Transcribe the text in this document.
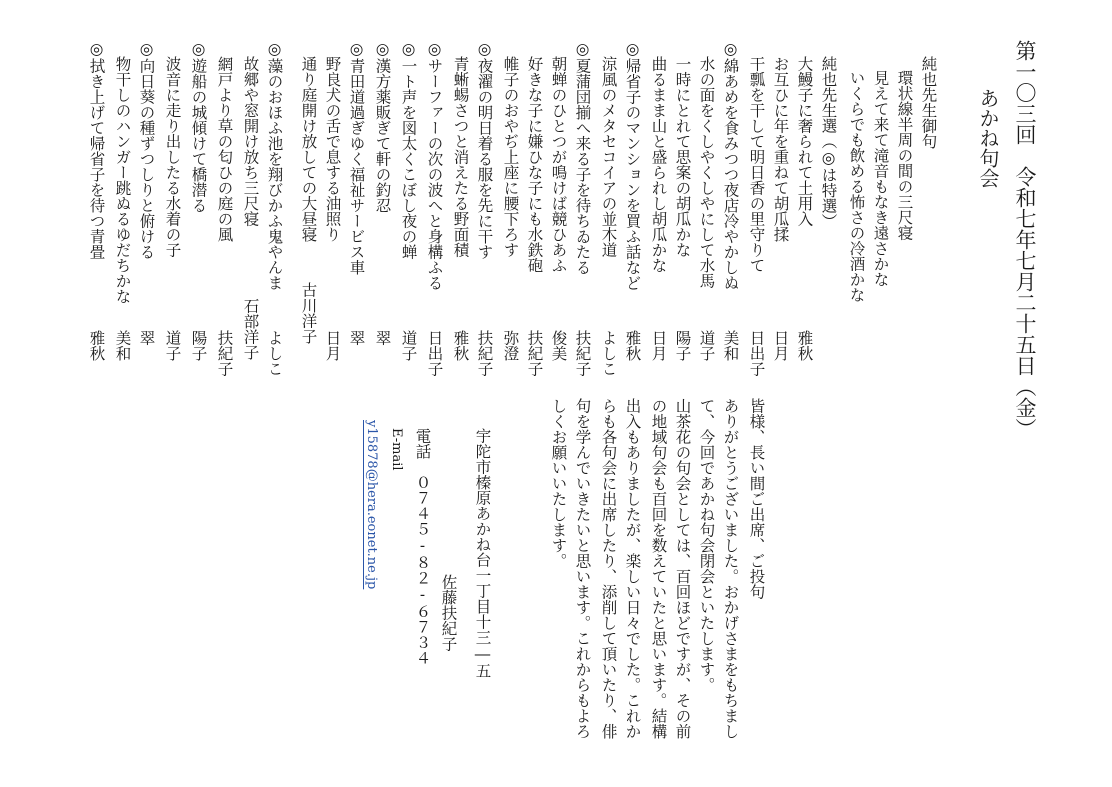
第一〇三回　令和七年七月二十五日（金）
あかね句会
純也先生御句
環状線半周の間の三尺寝
見えて来て滝音もなき遠さかな
いくらでも飲める怖さの冷酒かな
純也先生選（◎は特選）
大鰻子に奢られて土用入
雅秋
お互ひに年を重ねて胡瓜揉
日月
干瓢を干して明日香の里守りて
日出子
◎綿あめを食みつつ夜店冷やかしぬ
美和
水の面をくしやくしやにして水馬
道子
一時にとれて思案の胡瓜かな
陽子
曲るまま山と盛られし胡瓜かな
日月
◎帰省子のマンションを買ふ話など
雅秋
涼風のメタセコイアの並木道
よしこ
◎夏蒲団揃へ来る子を待ちゐたる
扶紀子
朝蝉のひとつが鳴けば競ひあふ
俊美
好きな子に嫌ひな子にも水鉄砲
扶紀子
帷子のおやぢ上座に腰下ろす
弥澄
◎夜濯の明日着る服を先に干す
扶紀子
青蜥蜴さつと消えたる野面積
雅秋
◎サーファーの次の波へと身構ふる
日出子
◎一ト声を図太くこぼし夜の蝉
道子
◎漢方薬販ぎて軒の釣忍
翠
◎青田道過ぎゆく福祉サービス車
翠
野良犬の舌で息する油照り
日月
通り庭開け放しての大昼寝
古川洋子
◎藻のおほふ池を翔びかふ鬼やんま
よしこ
故郷や窓開け放ち三尺寝
石部洋子
網戸より草の匂ひの庭の風
扶紀子
◎遊船の城傾けて橋潜る
陽子
波音に走り出したる水着の子
道子
◎向日葵の種ずつしりと俯ける
翠
物干しのハンガー跳ぬるゆだちかな
美和
◎拭き上げて帰省子を待つ青畳
雅秋
皆様、長い間ご出席、ご投句
ありがとうございました。おかげさまをもちまし
て、今回であかね句会閉会といたします。
山茶花の句会としては、百回ほどですが、その前
の地域句会も百回を数えていたと思います。結構
出入もありましたが、楽しい日々でした。これか
らも各句会に出席したり、添削して頂いたり、俳
句を学んでいきたいと思います。これからもよろ
しくお願いいたします。
宇陀市榛原あかね台一丁目十三―五
佐藤扶紀子
電話　０７４５‐８２‐６７３４
E-mail
y15878@hera.eonet.ne.jp
